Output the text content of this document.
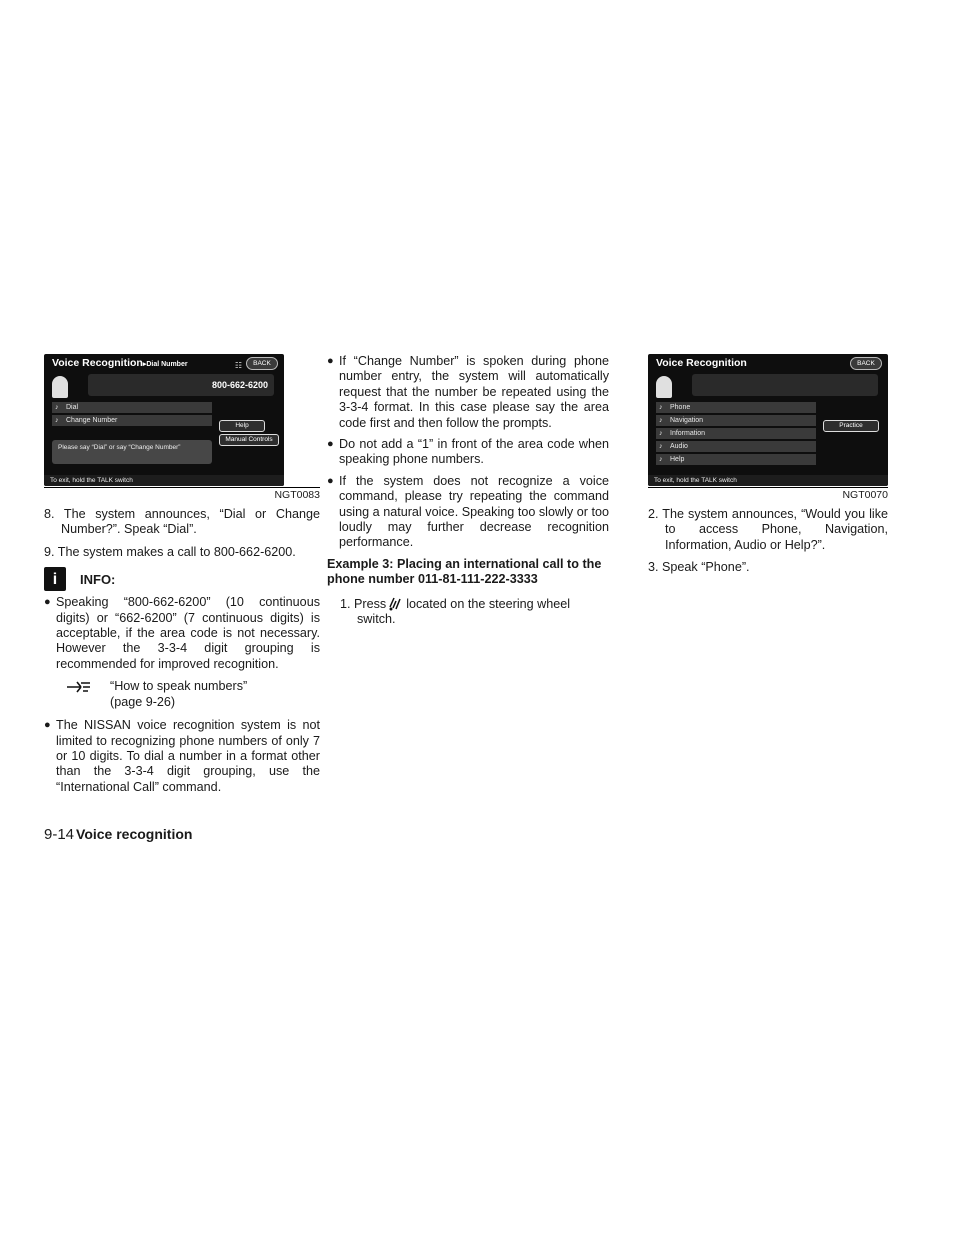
Voice Recognition▸Dial Number	☷	BACK
800-662-6200
♪ Dial
♪ Change Number
Help
Manual Controls
Please say “Dial” or say “Change Number”
To exit, hold the TALK switch
NGT0083

8. The system announces, “Dial or Change Number?”. Speak “Dial”.

9. The system makes a call to 800-662-6200.

i	INFO:

● Speaking “800-662-6200” (10 continuous digits) or “662-6200” (7 continuous digits) is acceptable, if the area code is not necessary. However the 3-3-4 digit grouping is recommended for improved recognition.

“How to speak numbers”
(page 9-26)

● The NISSAN voice recognition system is not limited to recognizing phone numbers of only 7 or 10 digits. To dial a number in a format other than the 3-3-4 digit grouping, use the “International Call” command.

● If “Change Number” is spoken during phone number entry, the system will automatically request that the number be repeated using the 3-3-4 format. In this case please say the area code first and then follow the prompts.

● Do not add a “1” in front of the area code when speaking phone numbers.

● If the system does not recognize a voice command, please try repeating the command using a natural voice. Speaking too slowly or too loudly may further decrease recognition performance.

Example 3: Placing an international call to the phone number 011-81-111-222-3333

1. Press located on the steering wheel switch.

Voice Recognition	BACK
♪ Phone
♪ Navigation
♪ Information
♪ Audio
♪ Help
Practice
To exit, hold the TALK switch
NGT0070

2. The system announces, “Would you like to access Phone, Navigation, Information, Audio or Help?”.

3. Speak “Phone”.

9-14 Voice recognition
